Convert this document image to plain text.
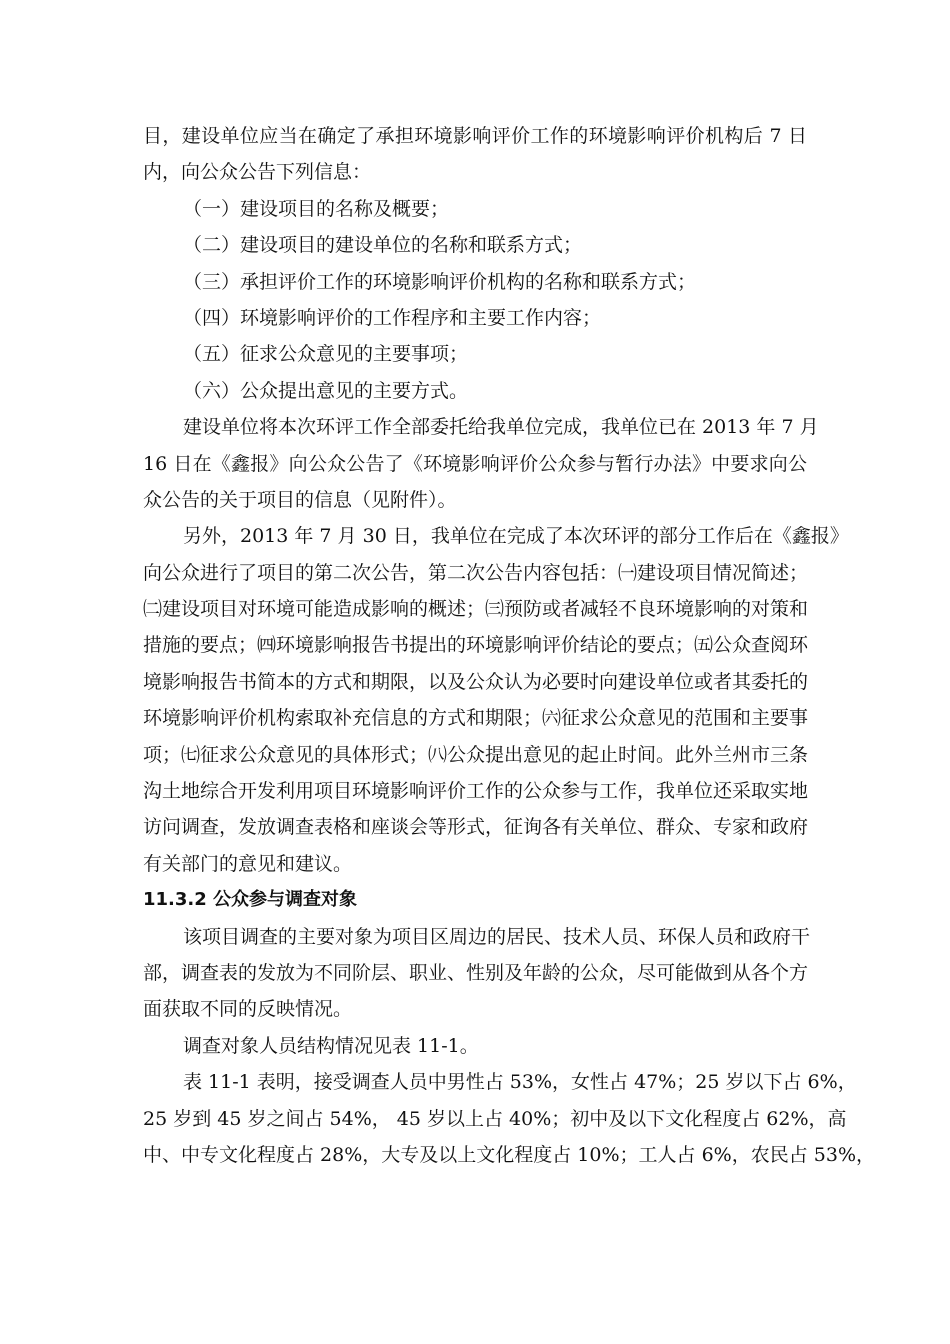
目，建设单位应当在确定了承担环境影响评价工作的环境影响评价机构后 7 日
内，向公众公告下列信息：
（一）建设项目的名称及概要；
（二）建设项目的建设单位的名称和联系方式；
（三）承担评价工作的环境影响评价机构的名称和联系方式；
（四）环境影响评价的工作程序和主要工作内容；
（五）征求公众意见的主要事项；
（六）公众提出意见的主要方式。
建设单位将本次环评工作全部委托给我单位完成，我单位已在 2013 年 7 月
16 日在《鑫报》向公众公告了《环境影响评价公众参与暂行办法》中要求向公
众公告的关于项目的信息（见附件）。
另外，2013 年 7 月 30 日，我单位在完成了本次环评的部分工作后在《鑫报》
向公众进行了项目的第二次公告，第二次公告内容包括：㈠建设项目情况简述；
㈡建设项目对环境可能造成影响的概述；㈢预防或者减轻不良环境影响的对策和
措施的要点；㈣环境影响报告书提出的环境影响评价结论的要点；㈤公众查阅环
境影响报告书简本的方式和期限，以及公众认为必要时向建设单位或者其委托的
环境影响评价机构索取补充信息的方式和期限；㈥征求公众意见的范围和主要事
项；㈦征求公众意见的具体形式；㈧公众提出意见的起止时间。此外兰州市三条
沟土地综合开发利用项目环境影响评价工作的公众参与工作，我单位还采取实地
访问调查，发放调查表格和座谈会等形式，征询各有关单位、群众、专家和政府
有关部门的意见和建议。
11.3.2 公众参与调查对象
该项目调查的主要对象为项目区周边的居民、技术人员、环保人员和政府干
部，调查表的发放为不同阶层、职业、性别及年龄的公众，尽可能做到从各个方
面获取不同的反映情况。
调查对象人员结构情况见表 11-1。
表 11-1 表明，接受调查人员中男性占 53%，女性占 47%；25 岁以下占 6%，
25 岁到 45 岁之间占 54%， 45 岁以上占 40%；初中及以下文化程度占 62%，高
中、中专文化程度占 28%，大专及以上文化程度占 10%；工人占 6%，农民占 53%，
